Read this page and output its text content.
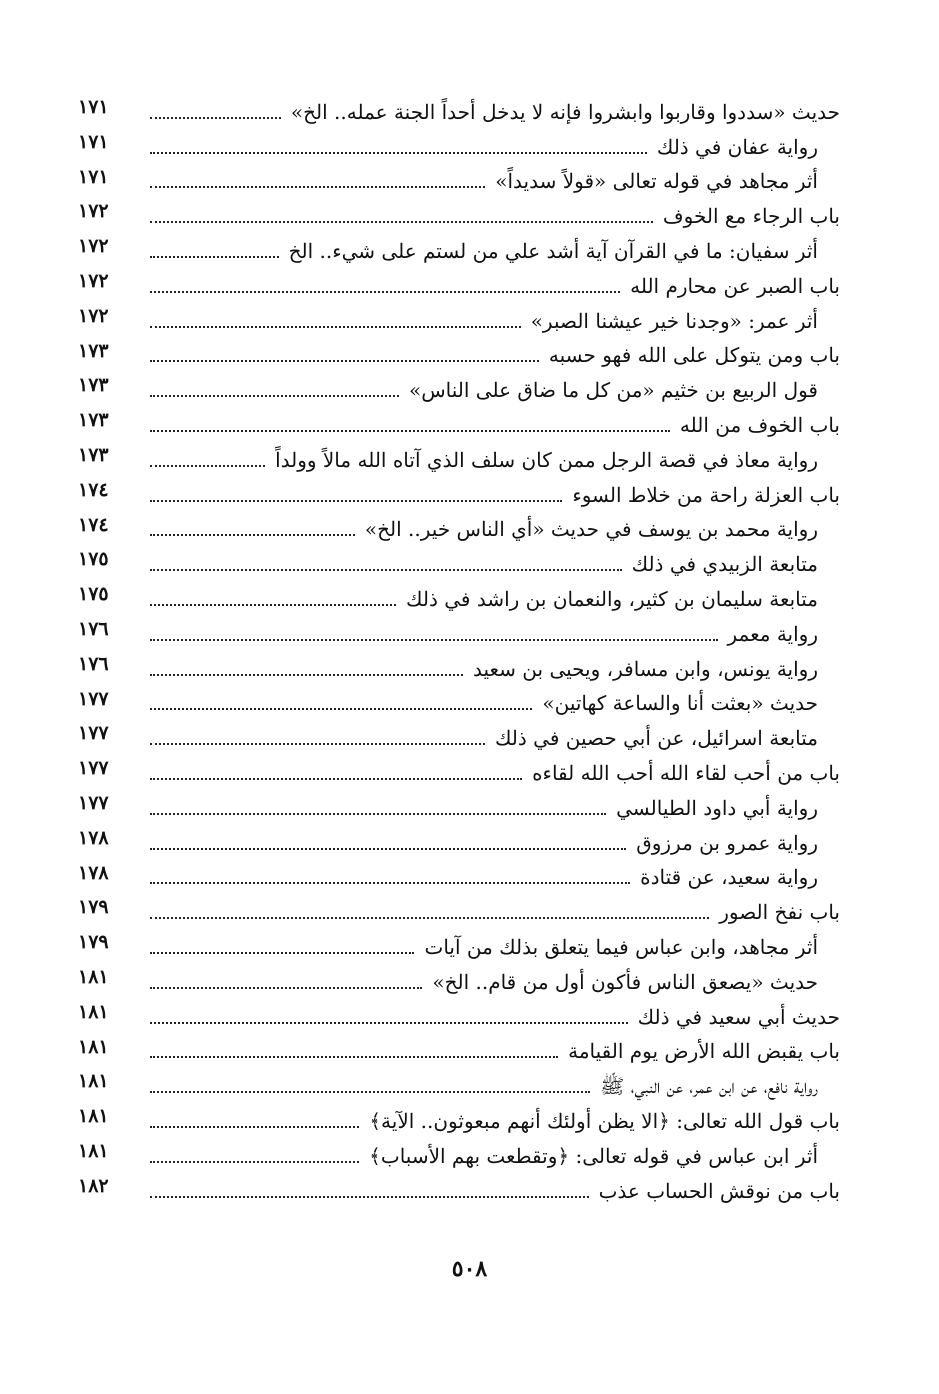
حديث «سددوا وقاربوا وابشروا فإنه لا يدخل أحداً الجنة عمله.. الخ»
١٧١
رواية عفان في ذلك
١٧١
أثر مجاهد في قوله تعالى «قولاً سديداً»
١٧١
باب الرجاء مع الخوف
١٧٢
أثر سفيان: ما في القرآن آية أشد علي من لستم على شيء.. الخ
١٧٢
باب الصبر عن محارم الله
١٧٢
أثر عمر: «وجدنا خير عيشنا الصبر»
١٧٢
باب ومن يتوكل على الله فهو حسبه
١٧٣
قول الربيع بن خثيم «من كل ما ضاق على الناس»
١٧٣
باب الخوف من الله
١٧٣
رواية معاذ في قصة الرجل ممن كان سلف الذي آتاه الله مالاً وولداً
١٧٣
باب العزلة راحة من خلاط السوء
١٧٤
رواية محمد بن يوسف في حديث «أي الناس خير.. الخ»
١٧٤
متابعة الزبيدي في ذلك
١٧٥
متابعة سليمان بن كثير، والنعمان بن راشد في ذلك
١٧٥
رواية معمر
١٧٦
رواية يونس، وابن مسافر، ويحيى بن سعيد
١٧٦
حديث «بعثت أنا والساعة كهاتين»
١٧٧
متابعة اسرائيل، عن أبي حصين في ذلك
١٧٧
باب من أحب لقاء الله أحب الله لقاءه
١٧٧
رواية أبي داود الطيالسي
١٧٧
رواية عمرو بن مرزوق
١٧٨
رواية سعيد، عن قتادة
١٧٨
باب نفخ الصور
١٧٩
أثر مجاهد، وابن عباس فيما يتعلق بذلك من آيات
١٧٩
حديث «يصعق الناس فأكون أول من قام.. الخ»
١٨١
حديث أبي سعيد في ذلك
١٨١
باب يقبض الله الأرض يوم القيامة
١٨١
رواية نافع، عن ابن عمر، عن النبي، ﷺ
١٨١
باب قول الله تعالى: ﴿الا يظن أولئك أنهم مبعوثون.. الآية﴾
١٨١
أثر ابن عباس في قوله تعالى: ﴿وتقطعت بهم الأسباب﴾
١٨١
باب من نوقش الحساب عذب
١٨٢
٥٠٨
